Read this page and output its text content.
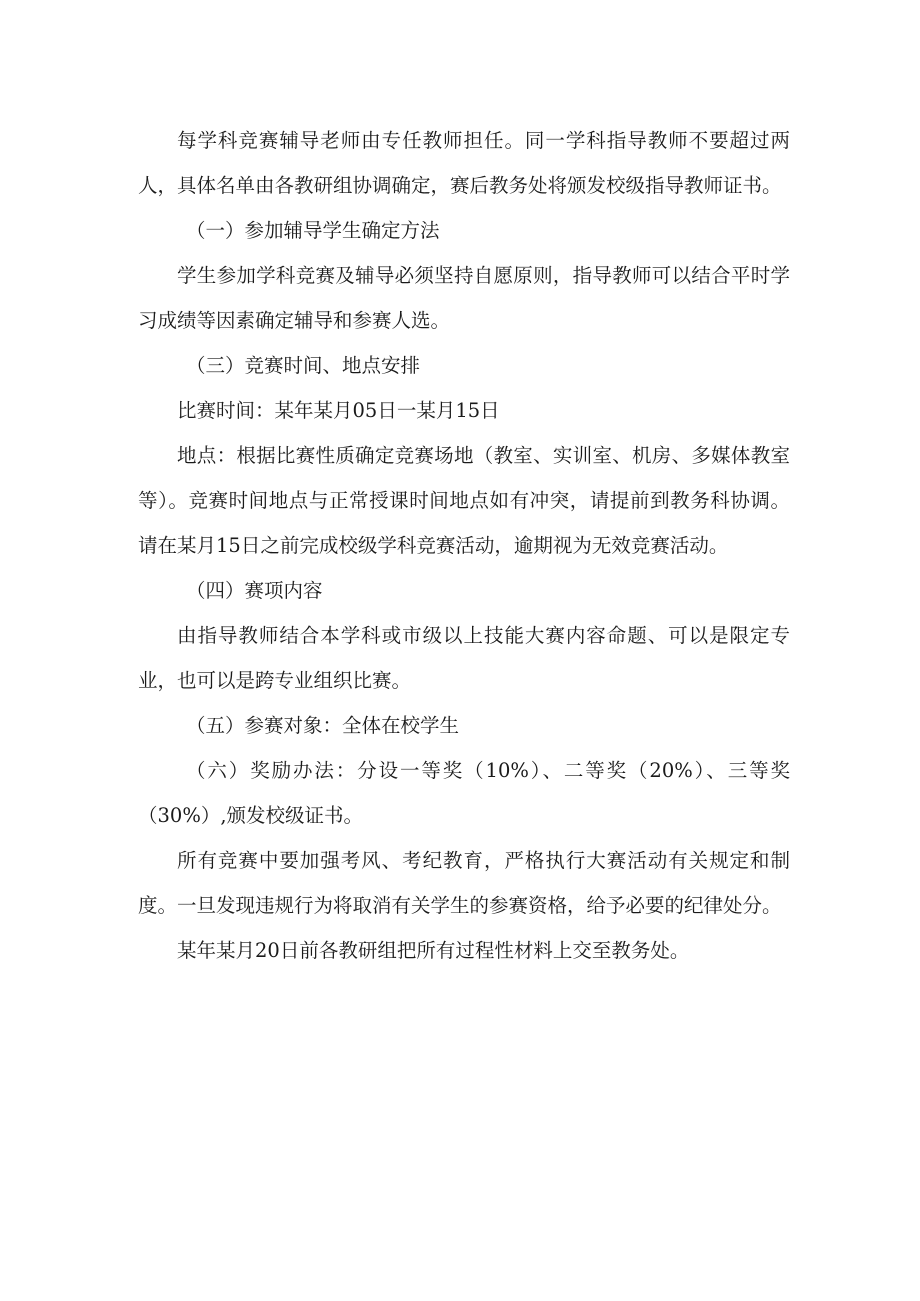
每学科竞赛辅导老师由专任教师担任。同一学科指导教师不要超过两人，具体名单由各教研组协调确定，赛后教务处将颁发校级指导教师证书。

（一）参加辅导学生确定方法

学生参加学科竞赛及辅导必须坚持自愿原则，指导教师可以结合平时学习成绩等因素确定辅导和参赛人选。

（三）竞赛时间、地点安排

比赛时间：某年某月05日一某月15日

地点：根据比赛性质确定竞赛场地（教室、实训室、机房、多媒体教室等）。竞赛时间地点与正常授课时间地点如有冲突，请提前到教务科协调。请在某月15日之前完成校级学科竞赛活动，逾期视为无效竞赛活动。

（四）赛项内容

由指导教师结合本学科或市级以上技能大赛内容命题、可以是限定专业，也可以是跨专业组织比赛。

（五）参赛对象：全体在校学生

（六）奖励办法：分设一等奖（10%）、二等奖（20%）、三等奖（30%）,颁发校级证书。

所有竞赛中要加强考风、考纪教育，严格执行大赛活动有关规定和制度。一旦发现违规行为将取消有关学生的参赛资格，给予必要的纪律处分。

某年某月20日前各教研组把所有过程性材料上交至教务处。
